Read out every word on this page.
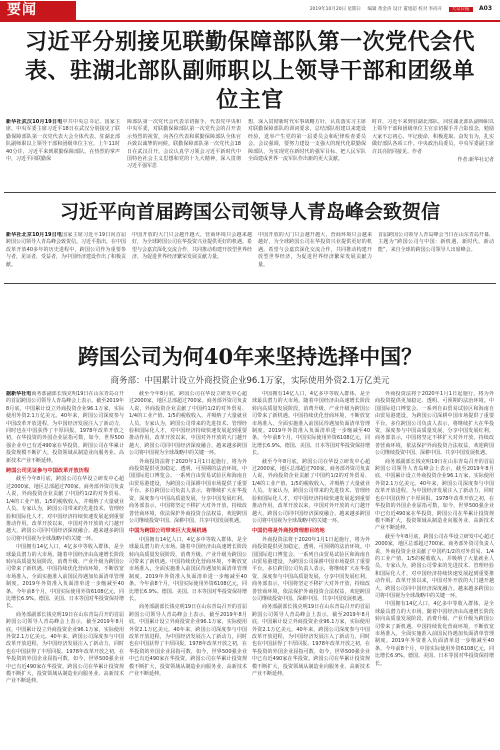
要闻	2019年10月20日 星期日 编辑 黄金涛 设计 董旭超 校对 李尚开 大众日报 A03
习近平分别接见联勤保障部队第一次党代会代表、驻湖北部队副师职以上领导干部和团级单位主官

新华社武汉10月19日电中共中央总书记、国家主席、中央军委主席习近平18日在武汉分别接见了联勤保障部队第一次党代表大会全体代表、驻湖北部队副师职以上领导干部和团级单位主官。上午11时40分许，习近平来到联勤保障部队。在热烈的掌声中，习近平同联勤保

障部队第一次党代会代表亲切握手，代表党中央和中央军委，对联勤保障部队第一次党代会的召开表示热烈的祝贺，向各位代表和联勤保障部队全体官兵致以诚挚的问候。联勤保障部队第一次党代会18日在武汉召开。会议认真学习领会习近平新时代中国特色社会主义思想和党的十九大精神，深入贯彻习近平强军思
想，深入贯彻新时代军事战略方针，认真落实习主席对联勤保障部队的训词要求，总结部队组建以来建设经验，选举产生党的第一届委员会和纪律检查委员会。会议强调，要努力建设一支强大的现代化联勤保障部队，为实现党在新时代的强军目标、把人民军队全面建成世界一流军队作出新的更大贡献。

时许，习近平来到驻湖北部队，同驻湖北部队副师职以上领导干部和团级单位主官亲切握手并合影留念，勉励大家不忘初心、牢记使命，积极进取、奋发有为，扎实做好部队各项工作。中央政治局委员、中央军委副主席许其亮陪同接见。作者

作者:新华社记者

习近平向首届跨国公司领导人青岛峰会致贺信

新华社北京10月19日电国家主席习近平19日向首届跨国公司领导人青岛峰会致贺信。习近平指出，在中国改革开放40多年的历史进程中，跨国公司作为重要参与者，见证者，受益者，为中国经济建设作出了积极贡献。

中国开放的大门只会越开越大，营商环境只会越来越好，为全球跨国公司在华投资兴业提供更好的机遇。希望与会嘉宾深化交流合作，共同推动构建开放型世界经济，为促进世界经济繁荣发展贡献力量。
中国开放的大门只会越开越大，营商环境只会越来越好，为全球跨国公司在华投资兴业提供更好的机遇。希望与会嘉宾深化交流合作，共同推动构建开放型世界经济，为促进世界经济繁荣发展贡献力量。
首届跨国公司领导人青岛峰会当日在山东青岛开幕，主题为“跨国公司与中国：新机遇、新时代、新动能”，来自全球的跨国公司领导人出席峰会。
跨国公司为何40年来坚持选择中国？
商务部：中国累计设立外商投资企业96.1万家，实际使用外资2.1万亿美元

据新华社电商务部副部长钱克明19日在山东青岛召开的首届跨国公司领导人青岛峰会上表示，截至2019年8月底，中国累计设立外商投资企业96.1万家，实际使用外资2.1万亿美元。40年来，跨国公司深度参与中国改革开放进程，为中国经济发展注入了新动力，同时也在中国获得了丰厚回报。1978年改革开放之初，在华投资的外国企业屈指可数，如今，世界500强企业中已有近490家在华投资。跨国公司在华累计投资规模不断扩大，投资领域从制造业向服务业、高新技术产业不断延伸。

跨国公司见证参与中国改革开放历程

截至今年8月底，跨国公司在华设立研发中心超过2000家，地区总部超过700家。商务部外资司负责人说，外商投资企业贡献了中国约1/2的对外贸易、1/4的工业产值、1/5的税收收入，并吸纳了大量就业人员。专家认为，跨国公司带来的先进技术、管理经验和国际化人才，对中国经济持续快速发展起到重要推动作用。改革开放以来，中国对外开放的大门越开越大，跨国公司同中国经济深度融合。越来越多跨国公司将中国视为全球战略中的关键一环。

中国拥有14亿人口，4亿多中等收入群体，是全球最具潜力的大市场。随着中国经济由高速增长阶段转向高质量发展阶段，消费升级、产业升级为跨国公司带来了新机遇。中国持续优化营商环境，不断放宽市场准入，全面实施准入前国民待遇加负面清单管理制度。2019年外资准入负面清单进一步缩减至40条。今年前8个月，中国实际使用外资6108亿元，同比增长6.9%。德国、美国、日本等国对华投资保持增长。

商务部副部长钱克明19日在山东青岛召开的首届跨国公司领导人青岛峰会上表示，截至2019年8月底，中国累计设立外商投资企业96.1万家，实际使用外资2.1万亿美元。40年来，跨国公司深度参与中国改革开放进程，为中国经济发展注入了新动力，同时也在中国获得了丰厚回报。1978年改革开放之初，在华投资的外国企业屈指可数，如今，世界500强企业中已有近490家在华投资。跨国公司在华累计投资规模不断扩大，投资领域从制造业向服务业、高新技术产业不断延伸。

截至今年8月底，跨国公司在华设立研发中心超过2000家，地区总部超过700家。商务部外资司负责人说，外商投资企业贡献了中国约1/2的对外贸易、1/4的工业产值、1/5的税收收入，并吸纳了大量就业人员。专家认为，跨国公司带来的先进技术、管理经验和国际化人才，对中国经济持续快速发展起到重要推动作用。改革开放以来，中国对外开放的大门越开越大，跨国公司同中国经济深度融合。越来越多跨国公司将中国视为全球战略中的关键一环。

外商投资法将于2020年1月1日起施行，将为外商投资提供更加稳定、透明、可预期的法治环境。中国国际进口博览会、一系列自由贸易试验区和海南自由贸易港建设，为跨国公司深耕中国市场提供了重要平台。多位跨国公司负责人表示，将继续扩大在华投资，深度参与中国高质量发展，分享中国发展红利。商务部表示，中国将坚定不移扩大对外开放，持续改善营商环境，依法保护外商投资合法权益，欢迎跨国公司继续投资中国、深耕中国、共享中国发展机遇。

中国为跨国公司带来巨大发展机遇

中国拥有14亿人口，4亿多中等收入群体，是全球最具潜力的大市场。随着中国经济由高速增长阶段转向高质量发展阶段，消费升级、产业升级为跨国公司带来了新机遇。中国持续优化营商环境，不断放宽市场准入，全面实施准入前国民待遇加负面清单管理制度。2019年外资准入负面清单进一步缩减至40条。今年前8个月，中国实际使用外资6108亿元，同比增长6.9%。德国、美国、日本等国对华投资保持增长。

商务部副部长钱克明19日在山东青岛召开的首届跨国公司领导人青岛峰会上表示，截至2019年8月底，中国累计设立外商投资企业96.1万家，实际使用外资2.1万亿美元。40年来，跨国公司深度参与中国改革开放进程，为中国经济发展注入了新动力，同时也在中国获得了丰厚回报。1978年改革开放之初，在华投资的外国企业屈指可数，如今，世界500强企业中已有近490家在华投资。跨国公司在华累计投资规模不断扩大，投资领域从制造业向服务业、高新技术产业不断延伸。

中国拥有14亿人口，4亿多中等收入群体，是全球最具潜力的大市场。随着中国经济由高速增长阶段转向高质量发展阶段，消费升级、产业升级为跨国公司带来了新机遇。中国持续优化营商环境，不断放宽市场准入，全面实施准入前国民待遇加负面清单管理制度。2019年外资准入负面清单进一步缩减至40条。今年前8个月，中国实际使用外资6108亿元，同比增长6.9%。德国、美国、日本等国对华投资保持增长。

截至今年8月底，跨国公司在华设立研发中心超过2000家，地区总部超过700家。商务部外资司负责人说，外商投资企业贡献了中国约1/2的对外贸易、1/4的工业产值、1/5的税收收入，并吸纳了大量就业人员。专家认为，跨国公司带来的先进技术、管理经验和国际化人才，对中国经济持续快速发展起到重要推动作用。改革开放以来，中国对外开放的大门越开越大，跨国公司同中国经济深度融合。越来越多跨国公司将中国视为全球战略中的关键一环。

中国仍将是外商投资理想目的地

外商投资法将于2020年1月1日起施行，将为外商投资提供更加稳定、透明、可预期的法治环境。中国国际进口博览会、一系列自由贸易试验区和海南自由贸易港建设，为跨国公司深耕中国市场提供了重要平台。多位跨国公司负责人表示，将继续扩大在华投资，深度参与中国高质量发展，分享中国发展红利。商务部表示，中国将坚定不移扩大对外开放，持续改善营商环境，依法保护外商投资合法权益，欢迎跨国公司继续投资中国、深耕中国、共享中国发展机遇。

商务部副部长钱克明19日在山东青岛召开的首届跨国公司领导人青岛峰会上表示，截至2019年8月底，中国累计设立外商投资企业96.1万家，实际使用外资2.1万亿美元。40年来，跨国公司深度参与中国改革开放进程，为中国经济发展注入了新动力，同时也在中国获得了丰厚回报。1978年改革开放之初，在华投资的外国企业屈指可数，如今，世界500强企业中已有近490家在华投资。跨国公司在华累计投资规模不断扩大，投资领域从制造业向服务业、高新技术产业不断延伸。

外商投资法将于2020年1月1日起施行，将为外商投资提供更加稳定、透明、可预期的法治环境。中国国际进口博览会、一系列自由贸易试验区和海南自由贸易港建设，为跨国公司深耕中国市场提供了重要平台。多位跨国公司负责人表示，将继续扩大在华投资，深度参与中国高质量发展，分享中国发展红利。商务部表示，中国将坚定不移扩大对外开放，持续改善营商环境，依法保护外商投资合法权益，欢迎跨国公司继续投资中国、深耕中国、共享中国发展机遇。

商务部副部长钱克明19日在山东青岛召开的首届跨国公司领导人青岛峰会上表示，截至2019年8月底，中国累计设立外商投资企业96.1万家，实际使用外资2.1万亿美元。40年来，跨国公司深度参与中国改革开放进程，为中国经济发展注入了新动力，同时也在中国获得了丰厚回报。1978年改革开放之初，在华投资的外国企业屈指可数，如今，世界500强企业中已有近490家在华投资。跨国公司在华累计投资规模不断扩大，投资领域从制造业向服务业、高新技术产业不断延伸。

截至今年8月底，跨国公司在华设立研发中心超过2000家，地区总部超过700家。商务部外资司负责人说，外商投资企业贡献了中国约1/2的对外贸易、1/4的工业产值、1/5的税收收入，并吸纳了大量就业人员。专家认为，跨国公司带来的先进技术、管理经验和国际化人才，对中国经济持续快速发展起到重要推动作用。改革开放以来，中国对外开放的大门越开越大，跨国公司同中国经济深度融合。越来越多跨国公司将中国视为全球战略中的关键一环。

中国拥有14亿人口，4亿多中等收入群体，是全球最具潜力的大市场。随着中国经济由高速增长阶段转向高质量发展阶段，消费升级、产业升级为跨国公司带来了新机遇。中国持续优化营商环境，不断放宽市场准入，全面实施准入前国民待遇加负面清单管理制度。2019年外资准入负面清单进一步缩减至40条。今年前8个月，中国实际使用外资6108亿元，同比增长6.9%。德国、美国、日本等国对华投资保持增长。
